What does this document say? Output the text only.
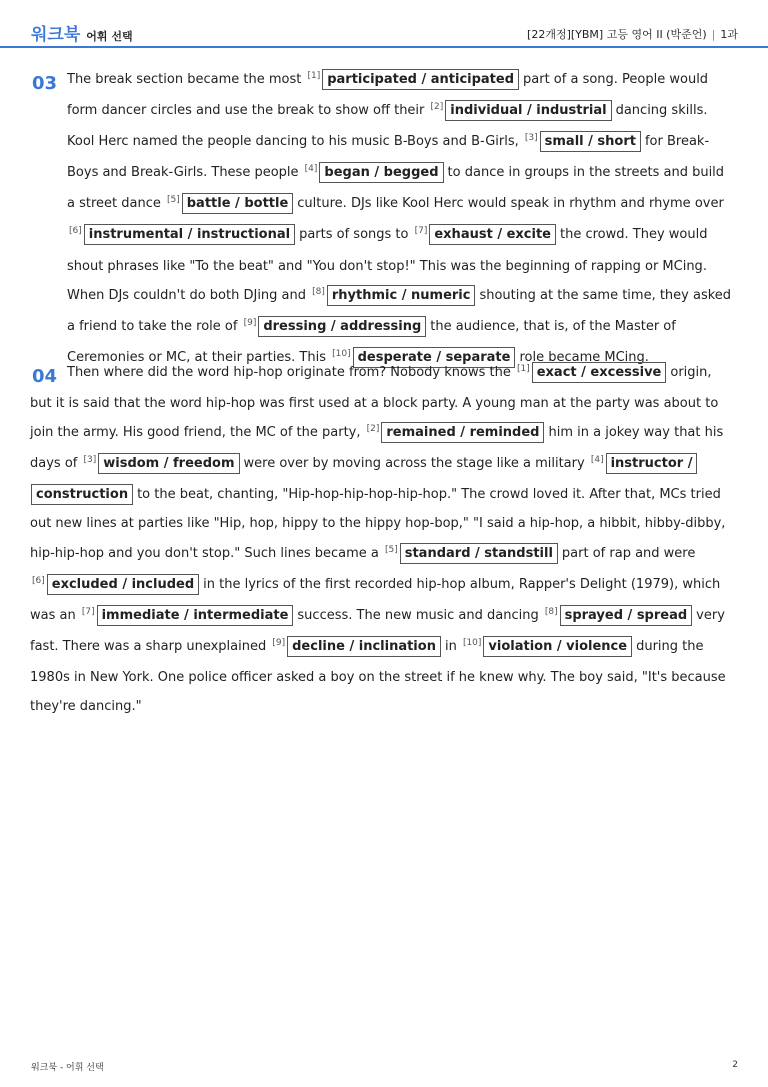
워크북 어휘 선택	[22개정][YBM] 고등 영어 II (박준언) | 1과
03 The break section became the most [1] participated / anticipated part of a song. People would form dancer circles and use the break to show off their [2] individual / industrial dancing skills. Kool Herc named the people dancing to his music B-Boys and B-Girls, [3] small / short for Break-Boys and Break-Girls. These people [4] began / begged to dance in groups in the streets and build a street dance [5] battle / bottle culture. DJs like Kool Herc would speak in rhythm and rhyme over [6] instrumental / instructional parts of songs to [7] exhaust / excite the crowd. They would shout phrases like "To the beat" and "You don't stop!" This was the beginning of rapping or MCing. When DJs couldn't do both DJing and [8] rhythmic / numeric shouting at the same time, they asked a friend to take the role of [9] dressing / addressing the audience, that is, of the Master of Ceremonies or MC, at their parties. This [10] desperate / separate role became MCing.
04 Then where did the word hip-hop originate from? Nobody knows the [1] exact / excessive origin, but it is said that the word hip-hop was first used at a block party. A young man at the party was about to join the army. His good friend, the MC of the party, [2] remained / reminded him in a jokey way that his days of [3] wisdom / freedom were over by moving across the stage like a military [4] instructor / construction to the beat, chanting, "Hip-hop-hip-hop-hip-hop." The crowd loved it. After that, MCs tried out new lines at parties like "Hip, hop, hippy to the hippy hop-bop," "I said a hip-hop, a hibbit, hibby-dibby, hip-hip-hop and you don't stop." Such lines became a [5] standard / standstill part of rap and were [6] excluded / included in the lyrics of the first recorded hip-hop album, Rapper's Delight (1979), which was an [7] immediate / intermediate success. The new music and dancing [8] sprayed / spread very fast. There was a sharp unexplained [9] decline / inclination in [10] violation / violence during the 1980s in New York. One police officer asked a boy on the street if he knew why. The boy said, "It's because they're dancing."
워크북 - 어휘 선택	2
